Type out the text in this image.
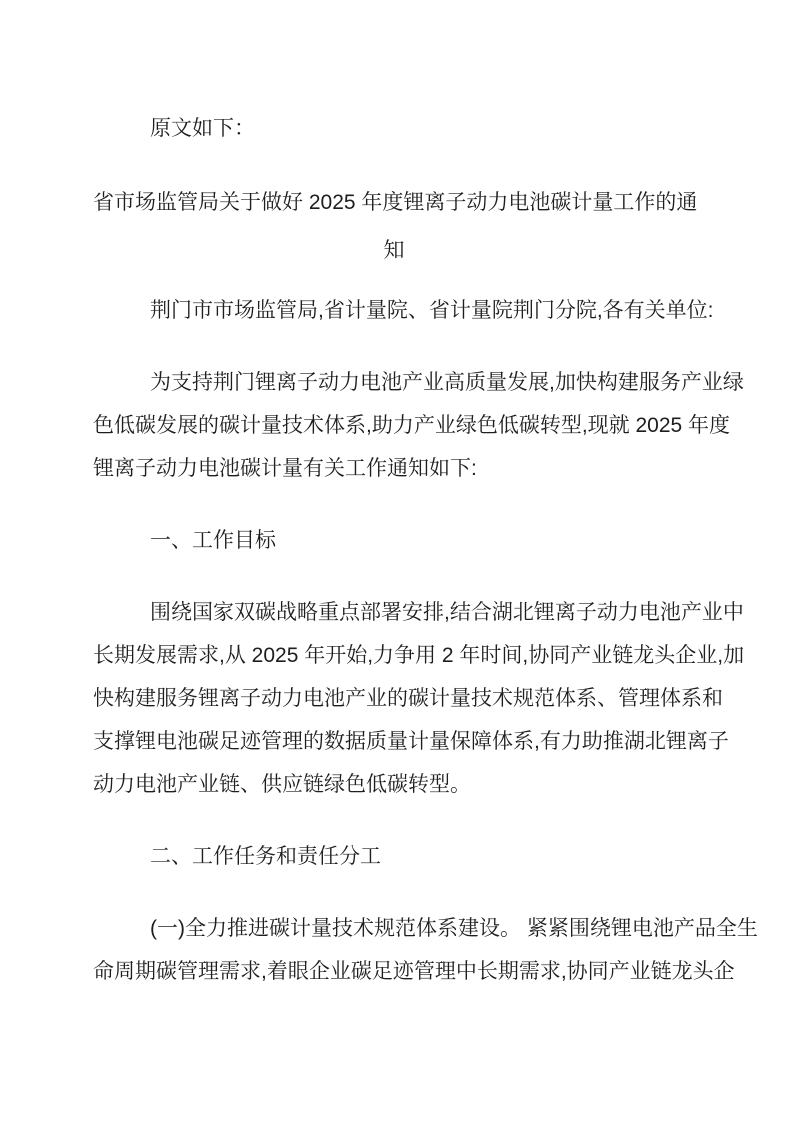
原文如下：

省市场监管局关于做好 2025 年度锂离子动力电池碳计量工作的通
知

荆门市市场监管局,省计量院、省计量院荆门分院,各有关单位:

为支持荆门锂离子动力电池产业高质量发展,加快构建服务产业绿
色低碳发展的碳计量技术体系,助力产业绿色低碳转型,现就 2025 年度
锂离子动力电池碳计量有关工作通知如下:

一、工作目标

围绕国家双碳战略重点部署安排,结合湖北锂离子动力电池产业中
长期发展需求,从 2025 年开始,力争用 2 年时间,协同产业链龙头企业,加
快构建服务锂离子动力电池产业的碳计量技术规范体系、管理体系和
支撑锂电池碳足迹管理的数据质量计量保障体系,有力助推湖北锂离子
动力电池产业链、供应链绿色低碳转型。

二、工作任务和责任分工

(一)全力推进碳计量技术规范体系建设。 紧紧围绕锂电池产品全生
命周期碳管理需求,着眼企业碳足迹管理中长期需求,协同产业链龙头企
